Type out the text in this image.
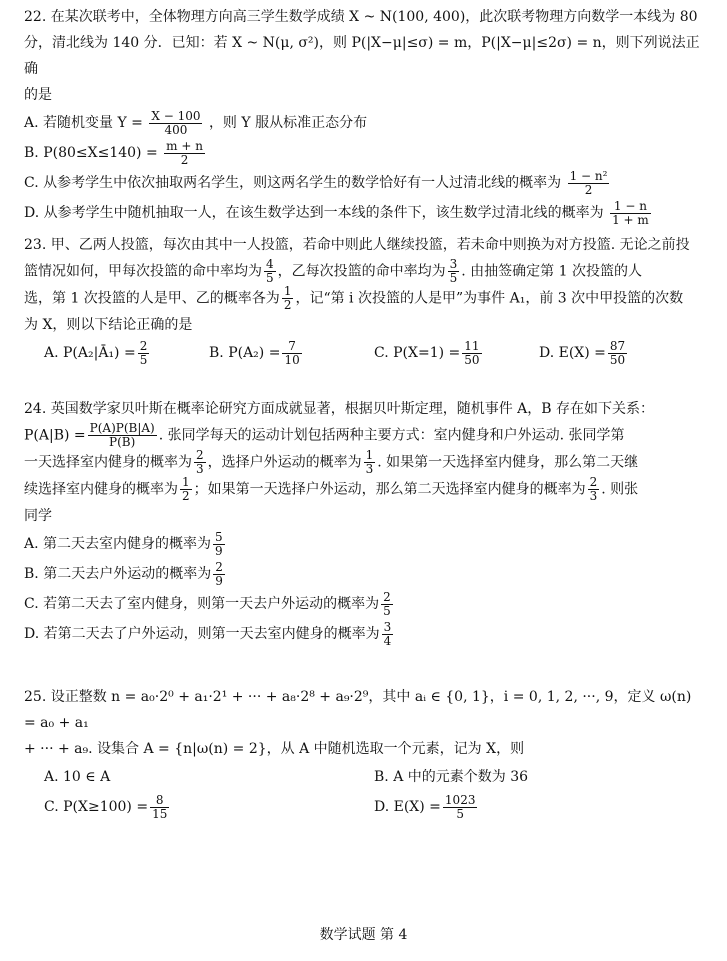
22. 在某次联考中，全体物理方向高三学生数学成绩 X ~ N(100, 400)，此次联考物理方向数学一本线为 80

分，清北线为 140 分．已知：若 X ~ N(μ, σ²)，则 P(|X−μ|≤σ) = m，P(|X−μ|≤2σ) = n，则下列说法正确

的是

A. 若随机变量 $Y = \frac{X - 100}{400}$ ，则 Y 服从标准正态分布

B. $P(80\le X\le 140) = \frac{m + n}{2}$

C. 从参考学生中依次抽取两名学生，则这两名学生的数学恰好有一人过清北线的概率为 $\frac{\text{1 − n²}}{2}$

D. 从参考学生中随机抽取一人，在该生数学达到一本线的条件下，该生数学过清北线的概率为 $\frac{1 - n}{1 + m}$

23. 甲、乙两人投篮，每次由其中一人投篮，若命中则此人继续投篮，若未命中则换为对方投篮. 无论之前投

篮情况如何，甲每次投篮的命中率均为 $\frac{4}{5}$ ，乙每次投篮的命中率均为 $\frac{3}{5}$ . 由抽签确定第 1 次投篮的人

选，第 1 次投篮的人是甲、乙的概率各为 $\frac{1}{2}$ ，记“第 i 次投篮的人是甲”为事件 A₁，前 3 次中甲投篮的次数

为 X，则以下结论正确的是

A. P(A₂|Ā₁) = $\frac{2}{5}$	B. $P(A_2) = \frac{7}{10}$	C. $P(X=1) = \frac{11}{50}$	D. $E(X) = \frac{87}{50}$

24. 英国数学家贝叶斯在概率论研究方面成就显著，根据贝叶斯定理，随机事件 A，B 存在如下关系：

$P(A|B) = \frac{P(A)P(B|A)}{P(B)}$ . 张同学每天的运动计划包括两种主要方式：室内健身和户外运动. 张同学第

一天选择室内健身的概率为 $\frac{2}{3}$ ，选择户外运动的概率为 $\frac{1}{3}$ . 如果第一天选择室内健身，那么第二天继

续选择室内健身的概率为 $\frac{1}{2}$ ；如果第一天选择户外运动，那么第二天选择室内健身的概率为 $\frac{2}{3}$ . 则张

同学

A. 第二天去室内健身的概率为 $\frac{5}{9}$

B. 第二天去户外运动的概率为 $\frac{2}{9}$

C. 若第二天去了室内健身，则第一天去户外运动的概率为 $\frac{2}{5}$

D. 若第二天去了户外运动，则第一天去室内健身的概率为 $\frac{3}{4}$

25. 设正整数 n = a₀·2⁰ + a₁·2¹ + ··· + a₈·2⁸ + a₉·2⁹，其中 aᵢ ∈ {0, 1}，i = 0, 1, 2, ···, 9，定义 ω(n) = a₀ + a₁

+ ··· + a₉. 设集合 A = {n|ω(n) = 2}，从 A 中随机选取一个元素，记为 X，则

A. 10 ∈ A	B. A 中的元素个数为 36
C. $P(X\ge 100) = \frac{8}{15}$	D. $E(X) = \frac{1023}{5}$
数学试题 第 4
